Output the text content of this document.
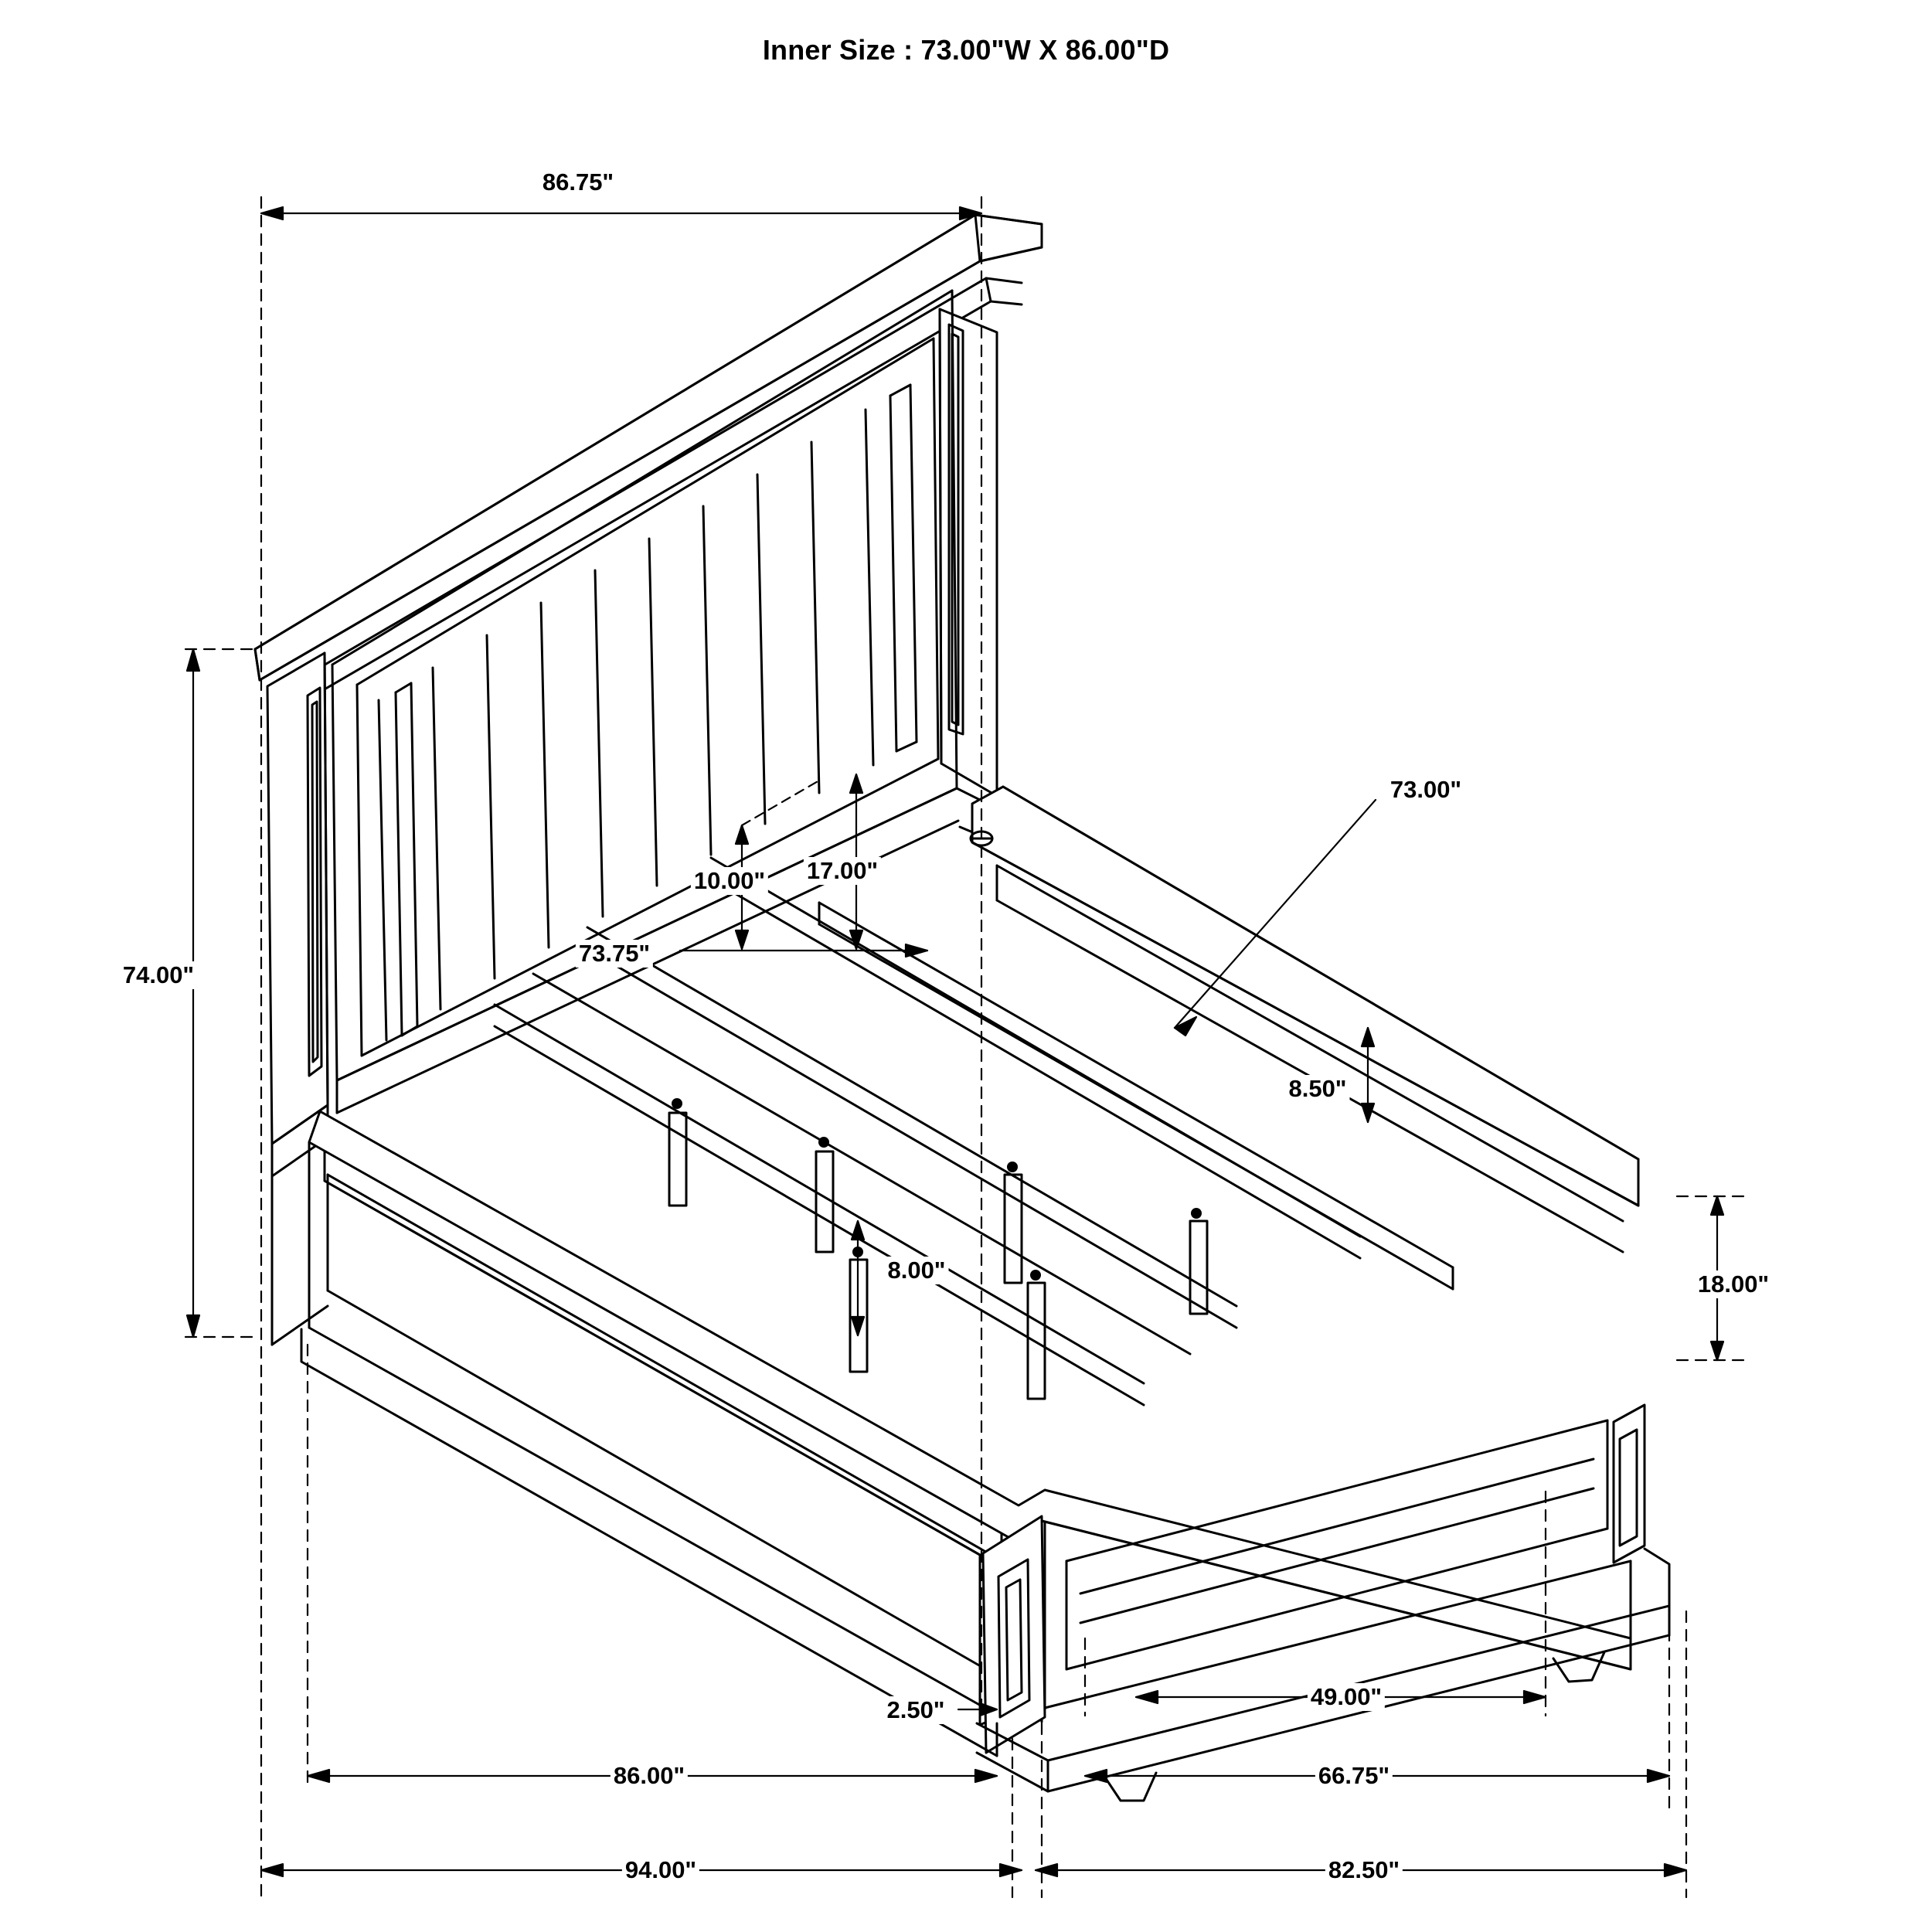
Inner Size : 73.00"W X 86.00"D
86.75"
74.00"
10.00" 17.00"
73.75"
73.00"
8.50"
8.00"
18.00"
2.50"	49.00"
86.00"	66.75"
94.00"	82.50"
